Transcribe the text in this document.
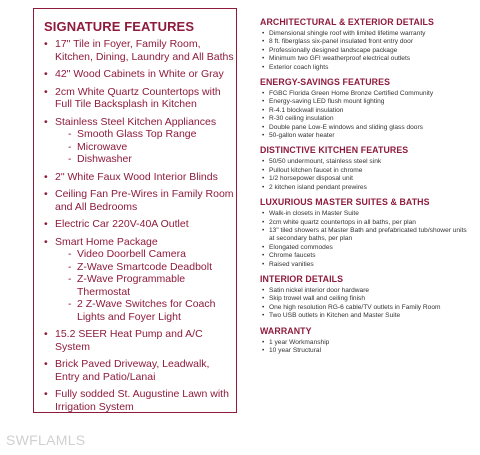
SIGNATURE FEATURES
• 17" Tile in Foyer, Family Room, Kitchen, Dining, Laundry and All Baths
• 42" Wood Cabinets in White or Gray
• 2cm White Quartz Countertops with Full Tile Backsplash in Kitchen
• Stainless Steel Kitchen Appliances
- Smooth Glass Top Range
- Microwave
- Dishwasher
• 2" White Faux Wood Interior Blinds
• Ceiling Fan Pre-Wires in Family Room and All Bedrooms
• Electric Car 220V-40A Outlet
• Smart Home Package
- Video Doorbell Camera
- Z-Wave Smartcode Deadbolt
- Z-Wave Programmable Thermostat
- 2 Z-Wave Switches for Coach Lights and Foyer Light
• 15.2 SEER Heat Pump and A/C System
• Brick Paved Driveway, Leadwalk, Entry and Patio/Lanai
• Fully sodded St. Augustine Lawn with Irrigation System
ARCHITECTURAL & EXTERIOR DETAILS
• Dimensional shingle roof with limited lifetime warranty
• 8 ft. fiberglass six-panel insulated front entry door
• Professionally designed landscape package
• Minimum two GFI weatherproof electrical outlets
• Exterior coach lights
ENERGY-SAVINGS FEATURES
• FGBC Florida Green Home Bronze Certified Community
• Energy-saving LED flush mount lighting
• R-4.1 blockwall insulation
• R-30 ceiling insulation
• Double pane Low-E windows and sliding glass doors
• 50-gallon water heater
DISTINCTIVE KITCHEN FEATURES
• 50/50 undermount, stainless steel sink
• Pullout kitchen faucet in chrome
• 1/2 horsepower disposal unit
• 2 kitchen island pendant prewires
LUXURIOUS MASTER SUITES & BATHS
• Walk-in closets in Master Suite
• 2cm white quartz countertops in all baths, per plan
• 13" tiled showers at Master Bath and prefabricated tub/shower units at secondary baths, per plan
• Elongated commodes
• Chrome faucets
• Raised vanities
INTERIOR DETAILS
• Satin nickel interior door hardware
• Skip trowel wall and ceiling finish
• One high resolution RG-6 cable/TV outlets in Family Room
• Two USB outlets in Kitchen and Master Suite
WARRANTY
• 1 year Workmanship
• 10 year Structural
SWFLAMLS
